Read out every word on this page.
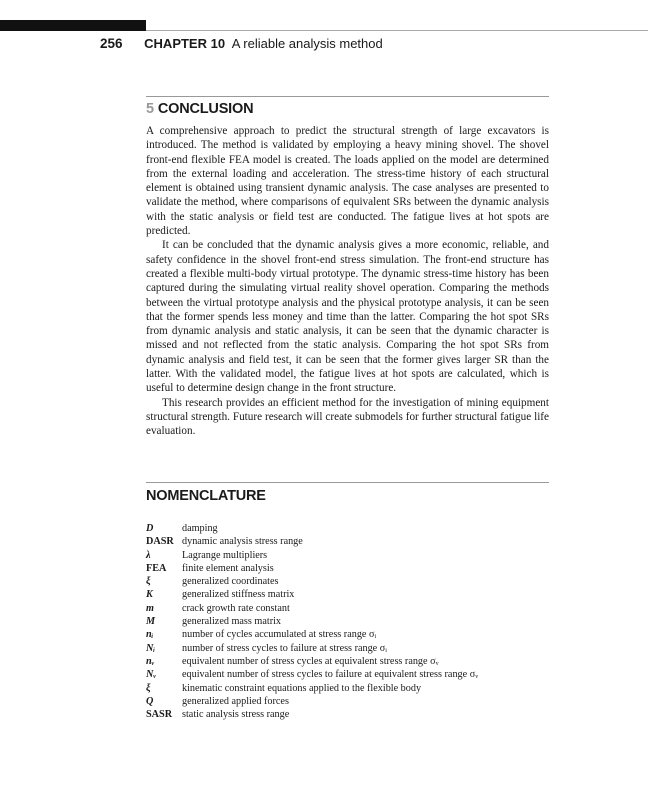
256 CHAPTER 10 A reliable analysis method
5 CONCLUSION

A comprehensive approach to predict the structural strength of large excavators is introduced. The method is validated by employing a heavy mining shovel. The shovel front-end flexible FEA model is created. The loads applied on the model are determined from the external loading and acceleration. The stress-time history of each structural element is obtained using transient dynamic analysis. The case analyses are presented to validate the method, where comparisons of equivalent SRs between the dynamic analysis with the static analysis or field test are conducted. The fatigue lives at hot spots are predicted.

It can be concluded that the dynamic analysis gives a more economic, reliable, and safety confidence in the shovel front-end stress simulation. The front-end structure has created a flexible multi-body virtual prototype. The dynamic stress-time history has been captured during the simulating virtual reality shovel operation. Comparing the methods between the virtual prototype analysis and the physical prototype analysis, it can be seen that the former spends less money and time than the latter. Comparing the hot spot SRs from dynamic analysis and static analysis, it can be seen that the dynamic character is missed and not reflected from the static analysis. Comparing the hot spot SRs from dynamic analysis and field test, it can be seen that the former gives larger SR than the latter. With the validated model, the fatigue lives at hot spots are calculated, which is useful to determine design change in the front structure.

This research provides an efficient method for the investigation of mining equipment structural strength. Future research will create submodels for further structural fatigue life evaluation.

NOMENCLATURE
D	damping
DASR dynamic analysis stress range
λ	Lagrange multipliers
FEA	finite element analysis
ξ	generalized coordinates
K	generalized stiffness matrix
m	crack growth rate constant
M	generalized mass matrix
nᵢ	number of cycles accumulated at stress range σᵢ
Nᵢ	number of stress cycles to failure at stress range σᵢ
nᵥ	equivalent number of stress cycles at equivalent stress range σᵥ
Nᵥ	equivalent number of stress cycles to failure at equivalent stress range σᵥ
ξ	kinematic constraint equations applied to the flexible body
Q	generalized applied forces
SASR static analysis stress range
